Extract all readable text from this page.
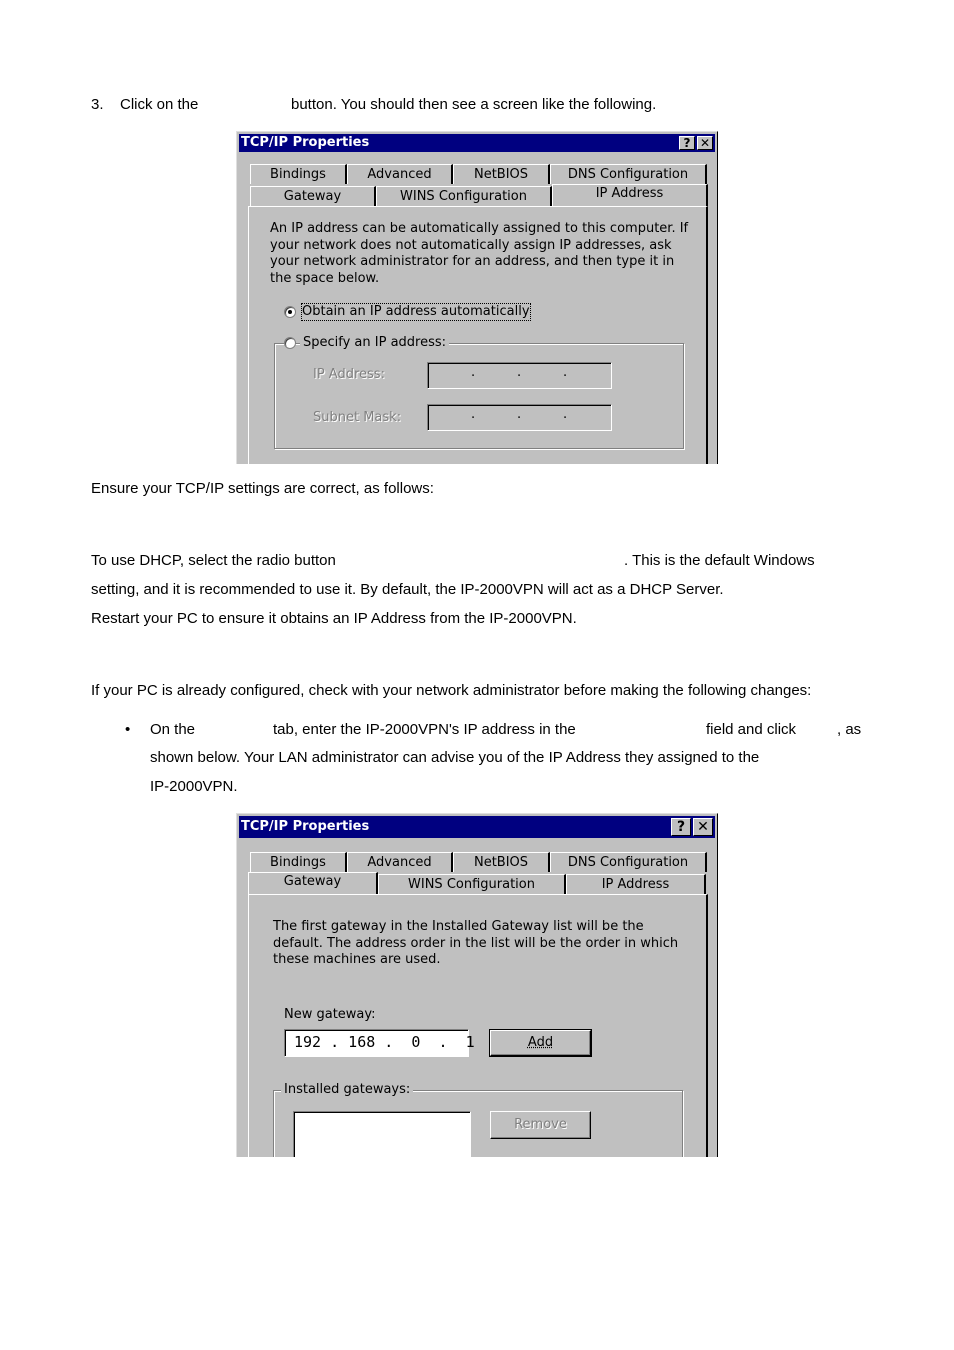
3. Click on the	button. You should then see a screen like the following.
TCP/IP Properties	? ✕
Bindings	Advanced	NetBIOS	DNS Configuration
Gateway	WINS Configuration	IP Address
An IP address can be automatically assigned to this computer. If your network does not automatically assign IP addresses, ask your network administrator for an address, and then type it in the space below.
Obtain an IP address automatically
Specify an IP address:
IP Address:	.	.	.
Subnet Mask:	.	.	.
Ensure your TCP/IP settings are correct, as follows:
To use DHCP, select the radio button	. This is the default Windows
setting, and it is recommended to use it. By default, the IP-2000VPN will act as a DHCP Server.
Restart your PC to ensure it obtains an IP Address from the IP-2000VPN.
If your PC is already configured, check with your network administrator before making the following changes:
• On the	tab, enter the IP-2000VPN's IP address in the	field and click	, as
shown below. Your LAN administrator can advise you of the IP Address they assigned to the
IP-2000VPN.
TCP/IP Properties	? ✕
Bindings	Advanced	NetBIOS	DNS Configuration
Gateway	WINS Configuration	IP Address
The first gateway in the Installed Gateway list will be the default. The address order in the list will be the order in which these machines are used.
New gateway:
192 . 168 .  0  .  1	Add
Installed gateways:
Remove
